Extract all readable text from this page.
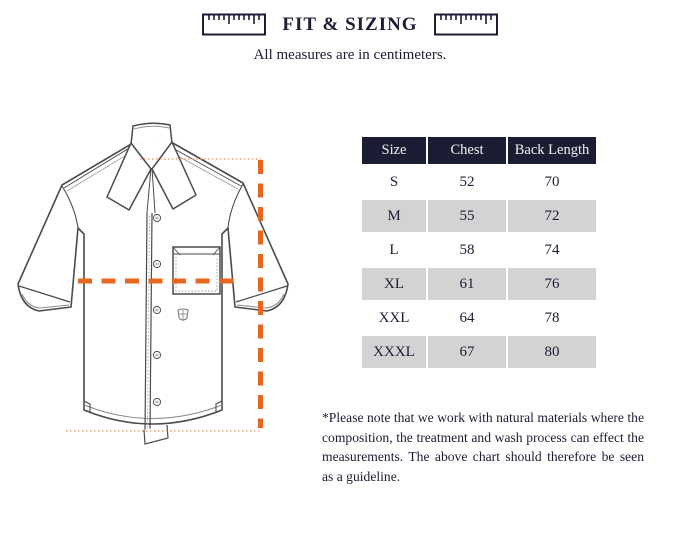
FIT & SIZING
All measures are in centimeters.
Size	Chest	Back Length
S	52	70
M	55	72
L	58	74
XL	61	76
XXL	64	78
XXXL	67	80
*Please note that we work with natural materials where the composition, the treatment and wash process can effect the measurements. The above chart should therefore be seen as a guideline.
